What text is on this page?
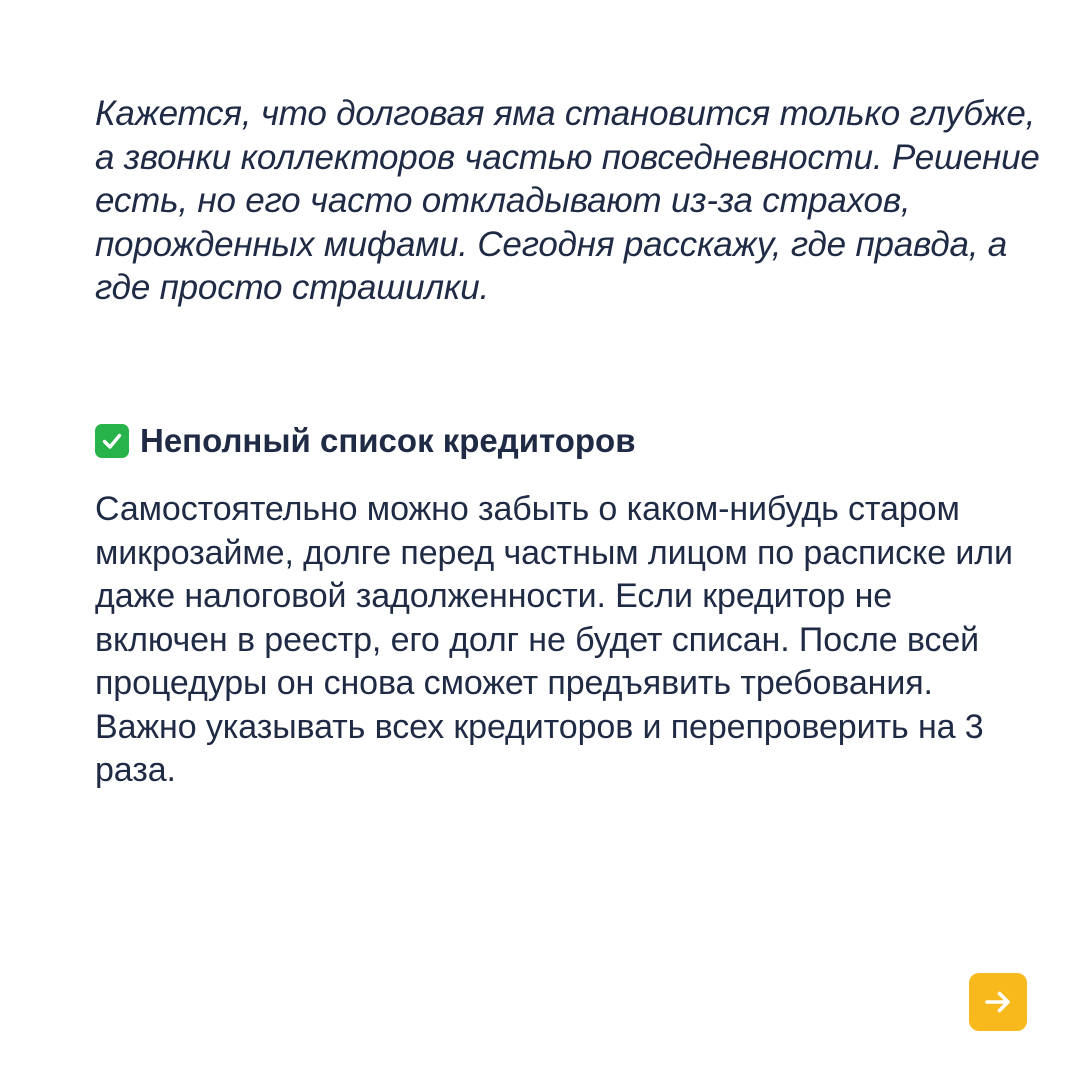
Кажется, что долговая яма становится только глубже, а звонки коллекторов частью повседневности. Решение есть, но его часто откладывают из-за страхов, порожденных мифами. Сегодня расскажу, где правда, а где просто страшилки.

Неполный список кредиторов

Самостоятельно можно забыть о каком-нибудь старом микрозайме, долге перед частным лицом по расписке или даже налоговой задолженности. Если кредитор не включен в реестр, его долг не будет списан. После всей процедуры он снова сможет предъявить требования. Важно указывать всех кредиторов и перепроверить на 3 раза.
